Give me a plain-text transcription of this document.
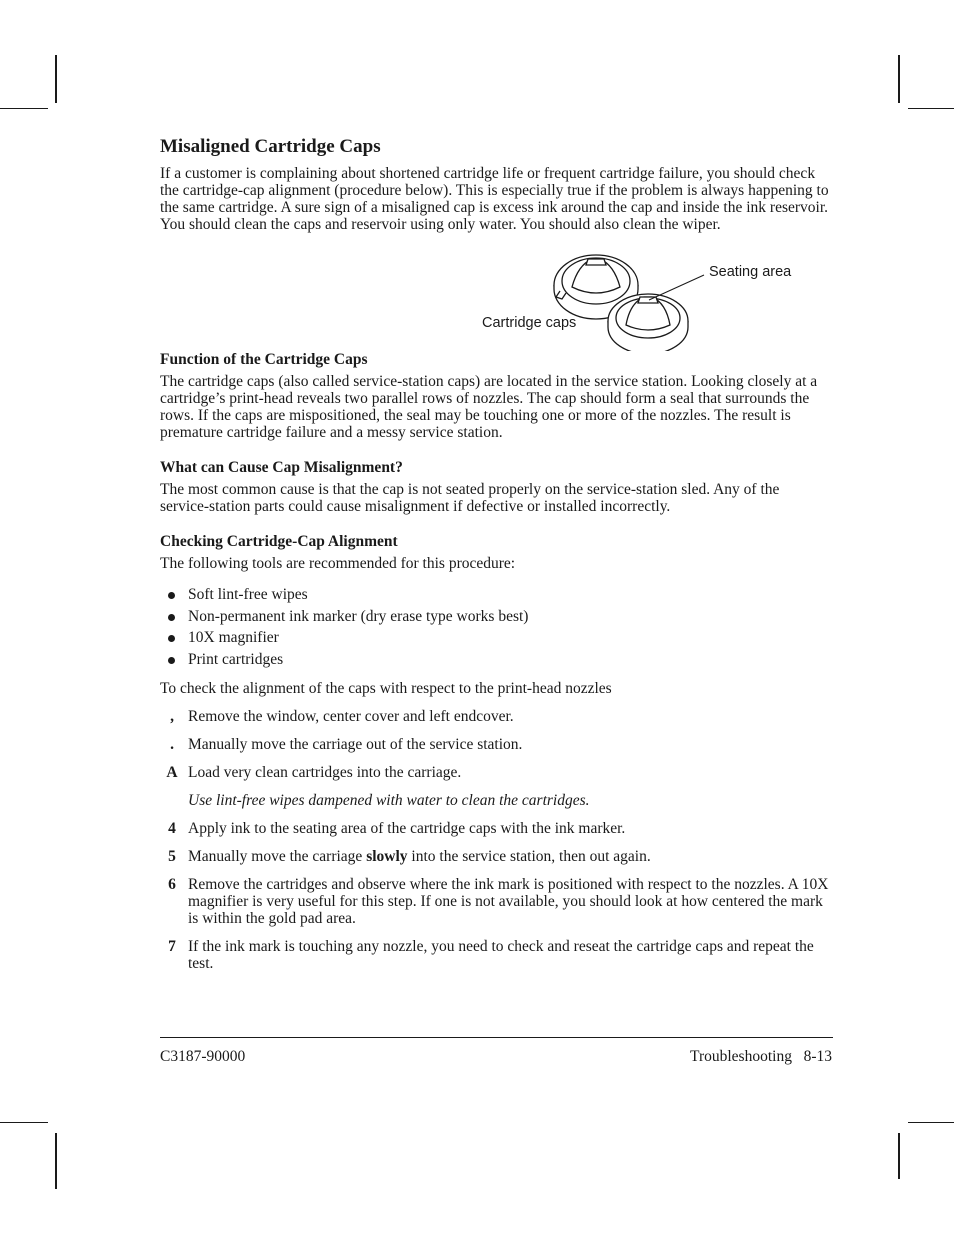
Misaligned Cartridge Caps

If a customer is complaining about shortened cartridge life or frequent cartridge failure, you should check the cartridge-cap alignment (procedure below). This is especially true if the problem is always happening to the same cartridge. A sure sign of a misaligned cap is excess ink around the cap and inside the ink reservoir. You should clean the caps and reservoir using only water. You should also clean the wiper.

Seating area
Cartridge caps
Function of the Cartridge Caps

The cartridge caps (also called service-station caps) are located in the service station. Looking closely at a cartridge’s print-head reveals two parallel rows of nozzles. The cap should form a seal that surrounds the rows. If the caps are mispositioned, the seal may be touching one or more of the nozzles. The result is premature cartridge failure and a messy service station.

What can Cause Cap Misalignment?

The most common cause is that the cap is not seated properly on the service-station sled. Any of the service-station parts could cause misalignment if defective or installed incorrectly.

Checking Cartridge-Cap Alignment

The following tools are recommended for this procedure:

Soft lint-free wipes
Non-permanent ink marker (dry erase type works best)
10X magnifier
Print cartridges

To check the alignment of the caps with respect to the print-head nozzles

, Remove the window, center cover and left endcover.
. Manually move the carriage out of the service station.
A Load very clean cartridges into the carriage.
Use lint-free wipes dampened with water to clean the cartridges.
4 Apply ink to the seating area of the cartridge caps with the ink marker.
5 Manually move the carriage slowly into the service station, then out again.
6 Remove the cartridges and observe where the ink mark is positioned with respect to the nozzles. A 10X magnifier is very useful for this step. If one is not available, you should look at how centered the mark is within the gold pad area.
7 If the ink mark is touching any nozzle, you need to check and reseat the cartridge caps and repeat the test.
C3187-90000	Troubleshooting 8-13
